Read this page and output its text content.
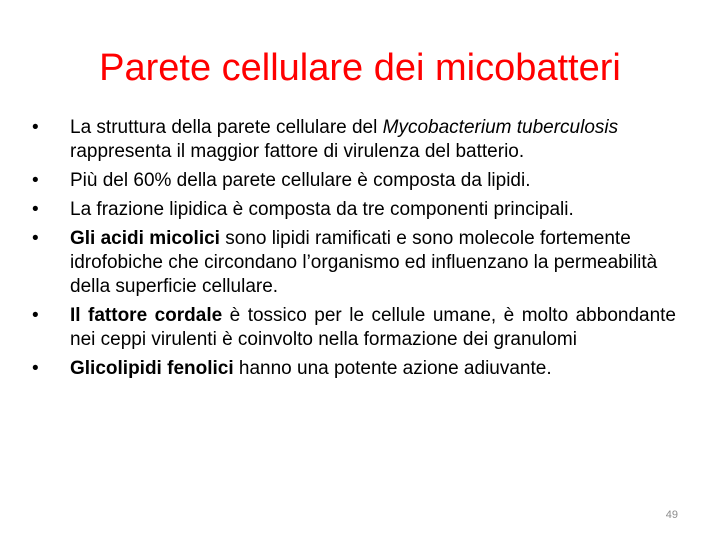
Parete cellulare dei micobatteri
•	La struttura della parete cellulare del Mycobacterium tuberculosis rappresenta il maggior fattore di virulenza del batterio.
•	Più del 60% della parete cellulare è composta da lipidi.
•	La frazione lipidica è composta da tre componenti principali.
•	Gli acidi micolici sono lipidi ramificati e sono molecole fortemente idrofobiche che circondano l’organismo ed influenzano la permeabilità della superficie cellulare.
•	Il fattore cordale è tossico per le cellule umane, è molto abbondante nei ceppi virulenti è coinvolto nella formazione dei granulomi
•	Glicolipidi fenolici hanno una potente azione adiuvante.
49
